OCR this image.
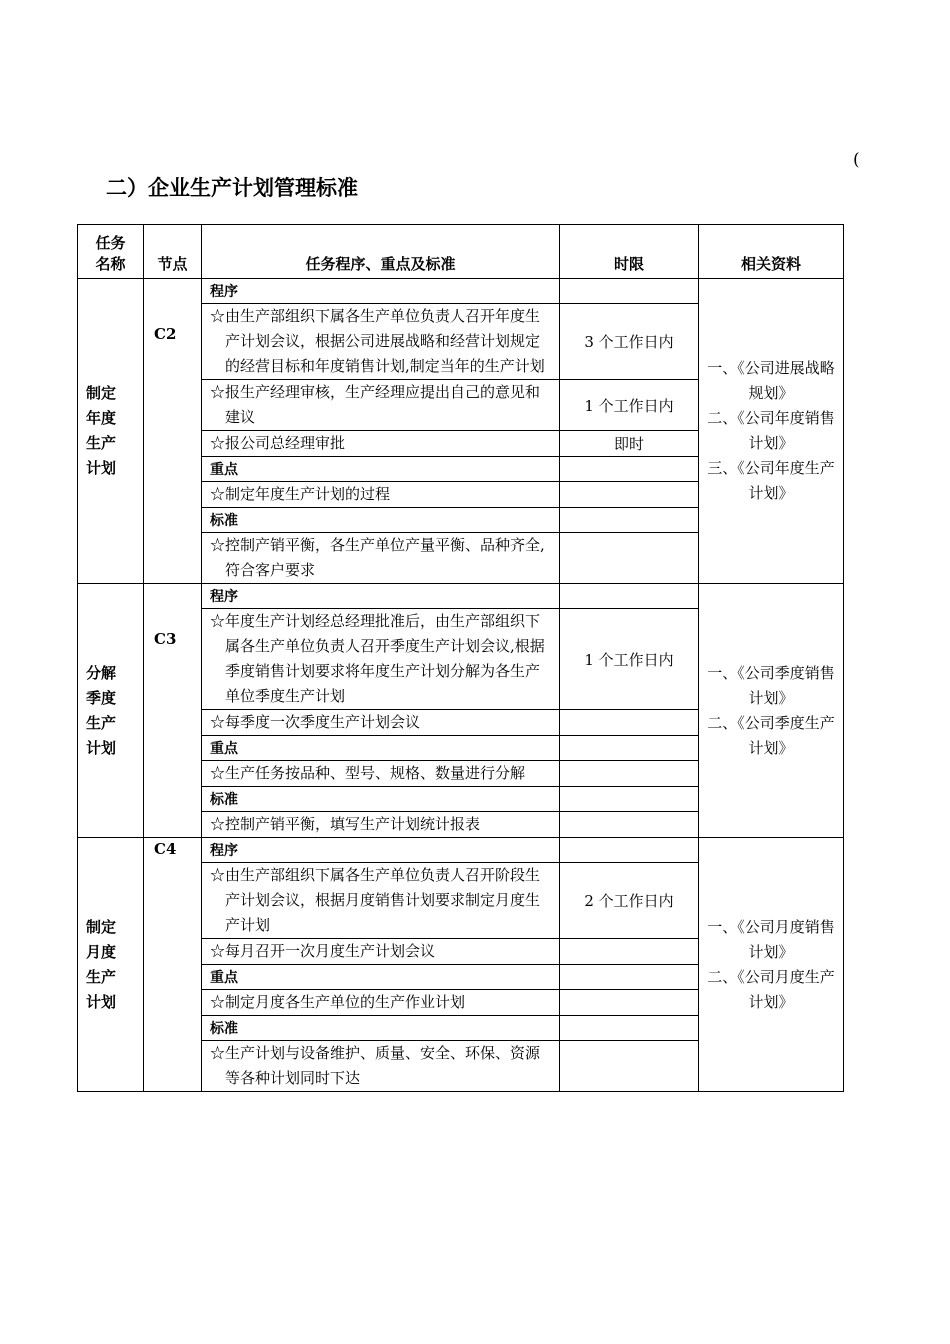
(
二）企业生产计划管理标准
任务
名称	节点	任务程序、重点及标准	时限	相关资料

制定年度生产计划	C2	程序		一、《公司进展战略规划》
二、《公司年度销售计划》
三、《公司年度生产计划》

		☆由生产部组织下属各生产单位负责人召开年度生产计划会议，根据公司进展战略和经营计划规定的经营目标和年度销售计划,制定当年的生产计划	3 个工作日内	
		☆报生产经理审核，生产经理应提出自己的意见和建议	1 个工作日内	
		☆报公司总经理审批	即时	
		重点		
		☆制定年度生产计划的过程		
		标准		
		☆控制产销平衡，各生产单位产量平衡、品种齐全,符合客户要求		

分解季度生产计划	C3	程序		一、《公司季度销售计划》
二、《公司季度生产计划》

		☆年度生产计划经总经理批准后，由生产部组织下属各生产单位负责人召开季度生产计划会议,根据季度销售计划要求将年度生产计划分解为各生产单位季度生产计划	1 个工作日内	
		☆每季度一次季度生产计划会议		
		重点		
		☆生产任务按品种、型号、规格、数量进行分解		
		标准		
		☆控制产销平衡，填写生产计划统计报表		

制定月度生产计划	C4	程序		一、《公司月度销售计划》
二、《公司月度生产计划》

		☆由生产部组织下属各生产单位负责人召开阶段生产计划会议，根据月度销售计划要求制定月度生产计划	2 个工作日内	
		☆每月召开一次月度生产计划会议		
		重点		
		☆制定月度各生产单位的生产作业计划		
		标准		
		☆生产计划与设备维护、质量、安全、环保、资源等各种计划同时下达		
